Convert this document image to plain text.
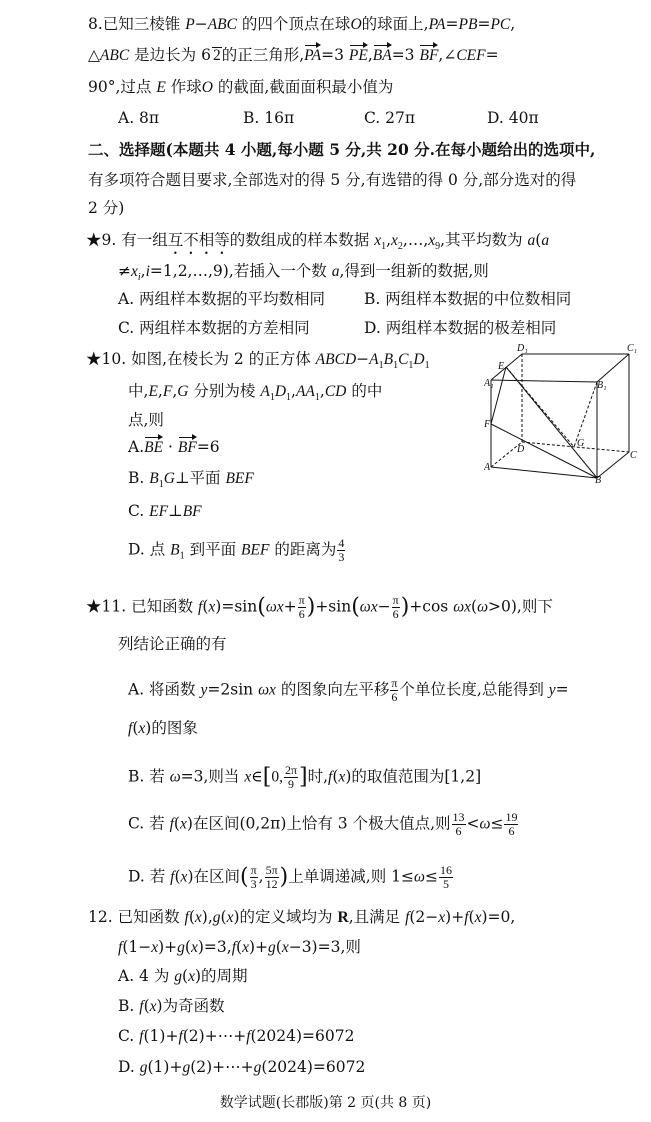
8.已知三棱锥 P−ABC 的四个顶点在球O的球面上,PA=PB=PC,
△ABC 是边长为 6 2的正三角形,PA=3 PE,BA=3 BF,∠CEF=
90°,过点 E 作球O 的截面,截面面积最小值为
A. 8π	B. 16π	C. 27π	D. 40π
二、选择题(本题共 4 小题,每小题 5 分,共 20 分.在每小题给出的选项中,
有多项符合题目要求,全部选对的得 5 分,有选错的得 0 分,部分选对的得
2 分)
★9. 有一组互不相等的数组成的样本数据 $x_1,x_2,\dots,x_9$,其平均数为 a(a
$\ne x_i,i=1,2,\dots,9$),若插入一个数 a,得到一组新的数据,则
A. 两组样本数据的平均数相同	B. 两组样本数据的中位数相同
C. 两组样本数据的方差相同	D. 两组样本数据的极差相同
★10. 如图,在棱长为 2 的正方体 $ABCD-A_1B_1C_1D_1$
中,E,F,G 分别为棱 $A_1D_1,AA_1,CD$ 的中
点,则
A.BE · BF=6
B. $B_1G\perp$平面 BEF
C. EF⊥BF
D. 点 $B_1$ 到平面 BEF 的距离为 $\frac{4}{3}$
D₁	C₁
E
A₁	B₁
F
D
G
C
A
B
★11. 已知函数 $f(x)=\sin(\omega x+ \frac{\pi}{6} )+\sin(\omega x- \frac{\pi}{6} )+\cos$ ωx(ω>0),则下
列结论正确的有
A. 将函数 y=2sin ωx 的图象向左平移 $\frac{\pi}{6}$ 个单位长度,总能得到 y=
f(x)的图象
B. 若 ω=3,则当 x∈[0, $\frac{2\pi}{9}$ ]时,f(x)的取值范围为[1,2]
C. 若 f(x)在区间(0,2π)上恰有 3 个极大值点,则 $\frac{13}{6} <\omega\le \frac{19}{6}$
D. 若 f(x)在区间( $\frac{\pi}{3}$ , $\frac{5\pi}{12}$ )上单调递减,则 $1\le\omega\le \frac{16}{5}$
12. 已知函数 f(x),g(x)的定义域均为 R,且满足 f(2−x)+f(x)=0,
f(1−x)+g(x)=3,f(x)+g(x−3)=3,则
A. 4 为 g(x)的周期
B. f(x)为奇函数
C. f(1)+f(2)+⋯+f(2024)=6072
D. g(1)+g(2)+⋯+g(2024)=6072
数学试题(长郡版)第 2 页(共 8 页)
